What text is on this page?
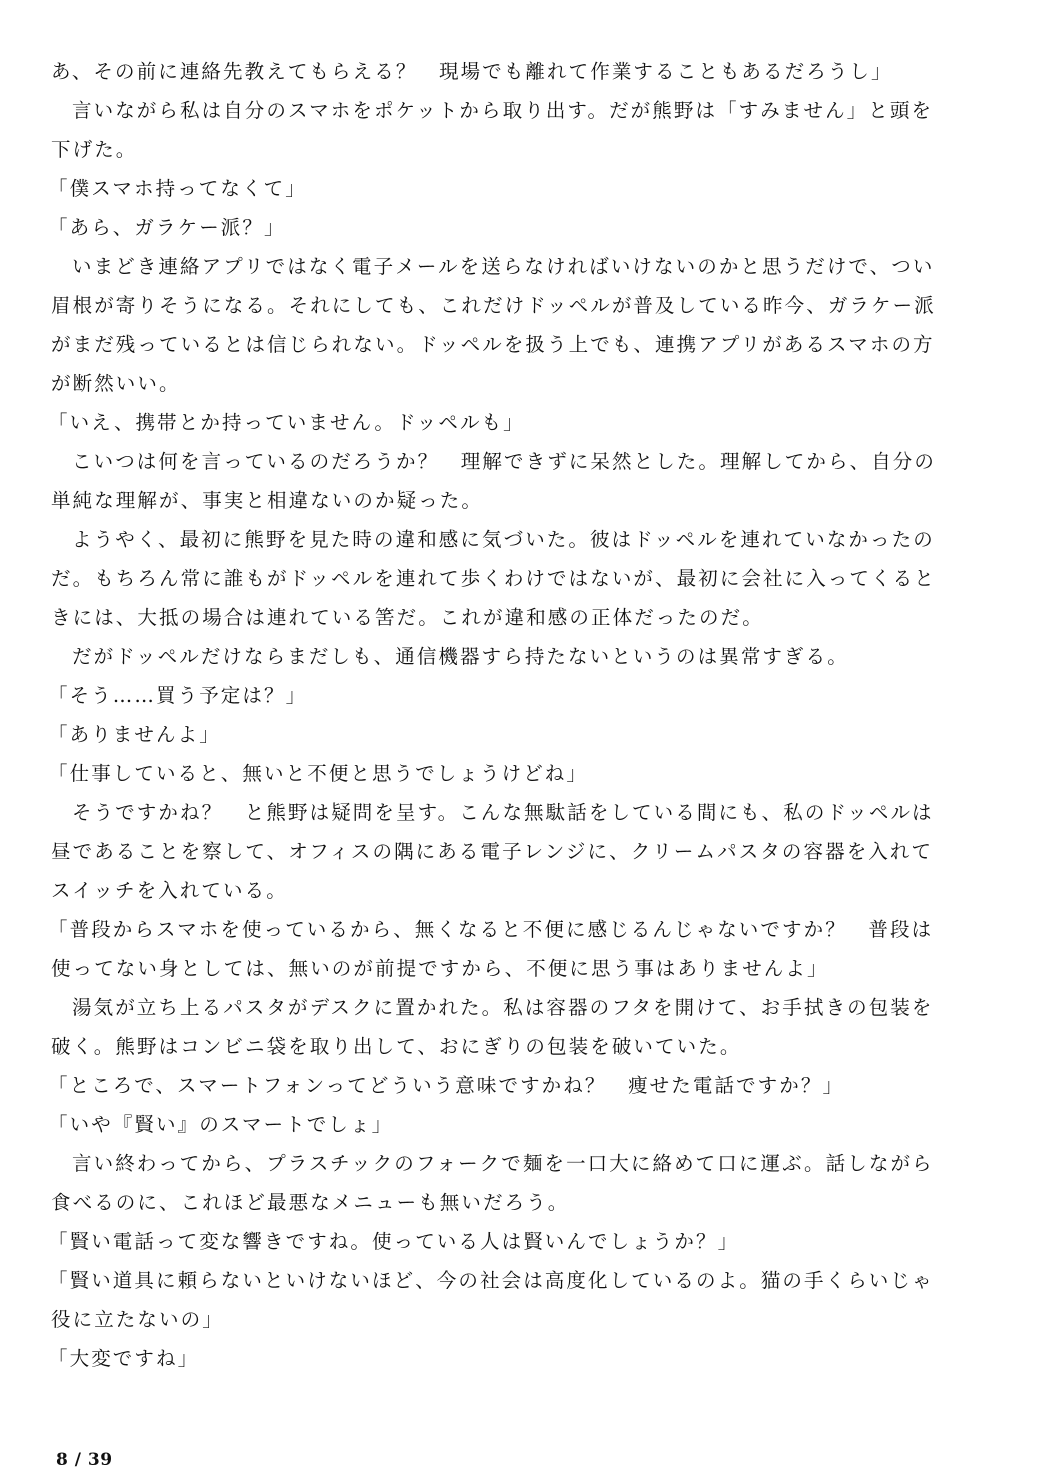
あ、その前に連絡先教えてもらえる？　現場でも離れて作業することもあるだろうし」
言いながら私は自分のスマホをポケットから取り出す。だが熊野は「すみません」と頭を
下げた。
「僕スマホ持ってなくて」
「あら、ガラケー派？」
いまどき連絡アプリではなく電子メールを送らなければいけないのかと思うだけで、つい
眉根が寄りそうになる。それにしても、これだけドッペルが普及している昨今、ガラケー派
がまだ残っているとは信じられない。ドッペルを扱う上でも、連携アプリがあるスマホの方
が断然いい。
「いえ、携帯とか持っていません。ドッペルも」
こいつは何を言っているのだろうか？　理解できずに呆然とした。理解してから、自分の
単純な理解が、事実と相違ないのか疑った。
ようやく、最初に熊野を見た時の違和感に気づいた。彼はドッペルを連れていなかったの
だ。もちろん常に誰もがドッペルを連れて歩くわけではないが、最初に会社に入ってくると
きには、大抵の場合は連れている筈だ。これが違和感の正体だったのだ。
だがドッペルだけならまだしも、通信機器すら持たないというのは異常すぎる。
「そう……買う予定は？」
「ありませんよ」
「仕事していると、無いと不便と思うでしょうけどね」
そうですかね？　と熊野は疑問を呈す。こんな無駄話をしている間にも、私のドッペルは
昼であることを察して、オフィスの隅にある電子レンジに、クリームパスタの容器を入れて
スイッチを入れている。
「普段からスマホを使っているから、無くなると不便に感じるんじゃないですか？　普段は
使ってない身としては、無いのが前提ですから、不便に思う事はありませんよ」
湯気が立ち上るパスタがデスクに置かれた。私は容器のフタを開けて、お手拭きの包装を
破く。熊野はコンビニ袋を取り出して、おにぎりの包装を破いていた。
「ところで、スマートフォンってどういう意味ですかね？　痩せた電話ですか？」
「いや『賢い』のスマートでしょ」
言い終わってから、プラスチックのフォークで麺を一口大に絡めて口に運ぶ。話しながら
食べるのに、これほど最悪なメニューも無いだろう。
「賢い電話って変な響きですね。使っている人は賢いんでしょうか？」
「賢い道具に頼らないといけないほど、今の社会は高度化しているのよ。猫の手くらいじゃ
役に立たないの」
「大変ですね」
8 / 39
